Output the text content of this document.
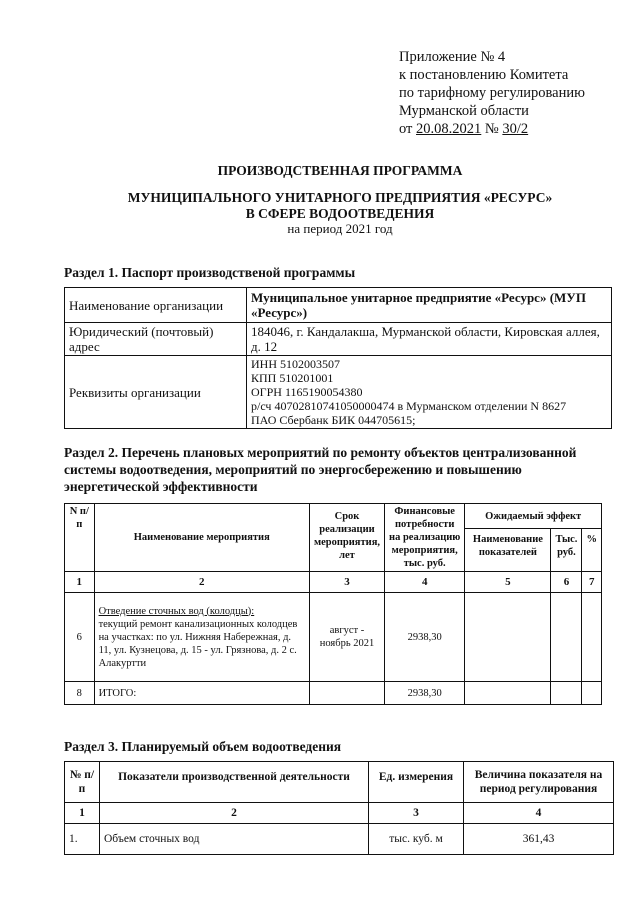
Приложение № 4
к постановлению Комитета
по тарифному регулированию
Мурманской области
от 20.08.2021 № 30/2
ПРОИЗВОДСТВЕННАЯ ПРОГРАММА
МУНИЦИПАЛЬНОГО УНИТАРНОГО ПРЕДПРИЯТИЯ «РЕСУРС»
В СФЕРЕ ВОДООТВЕДЕНИЯ
на период 2021 год
Раздел 1. Паспорт производственой программы
Наименование организации	Муниципальное унитарное предприятие «Ресурс» (МУП «Ресурс»)
Юридический (почтовый) адрес	184046, г. Кандалакша, Мурманской области, Кировская аллея, д. 12
Реквизиты организации	ИНН 5102003507
КПП 510201001
ОГРН 1165190054380
р/сч 40702810741050000474 в Мурманском отделении N 8627
ПАО Сбербанк БИК 044705615;
Раздел 2. Перечень плановых мероприятий по ремонту объектов централизованной
системы водоотведения, мероприятий по энергосбережению и повышению
энергетической эффективности
N п/п	Наименование мероприятия	Срок реализации мероприятия, лет	Финансовые потребности на реализацию мероприятия, тыс. руб.	Ожидаемый эффект		
				Наименование показателей	Тыс. руб.	%
1	2	3	4	5	6	7
6	Отведение сточных вод (колодцы):
текущий ремонт канализационных колодцев на участках: по ул. Нижняя Набережная, д. 11, ул. Кузнецова, д. 15 - ул. Грязнова, д. 2 с. Алакуртти	август - ноябрь 2021	2938,30			
8	ИТОГО:		2938,30			
Раздел 3. Планируемый объем водоотведения
№ п/п	Показатели производственной деятельности	Ед. измерения	Величина показателя на период регулирования
1	2	3	4
1.	Объем сточных вод	тыс. куб. м	361,43
